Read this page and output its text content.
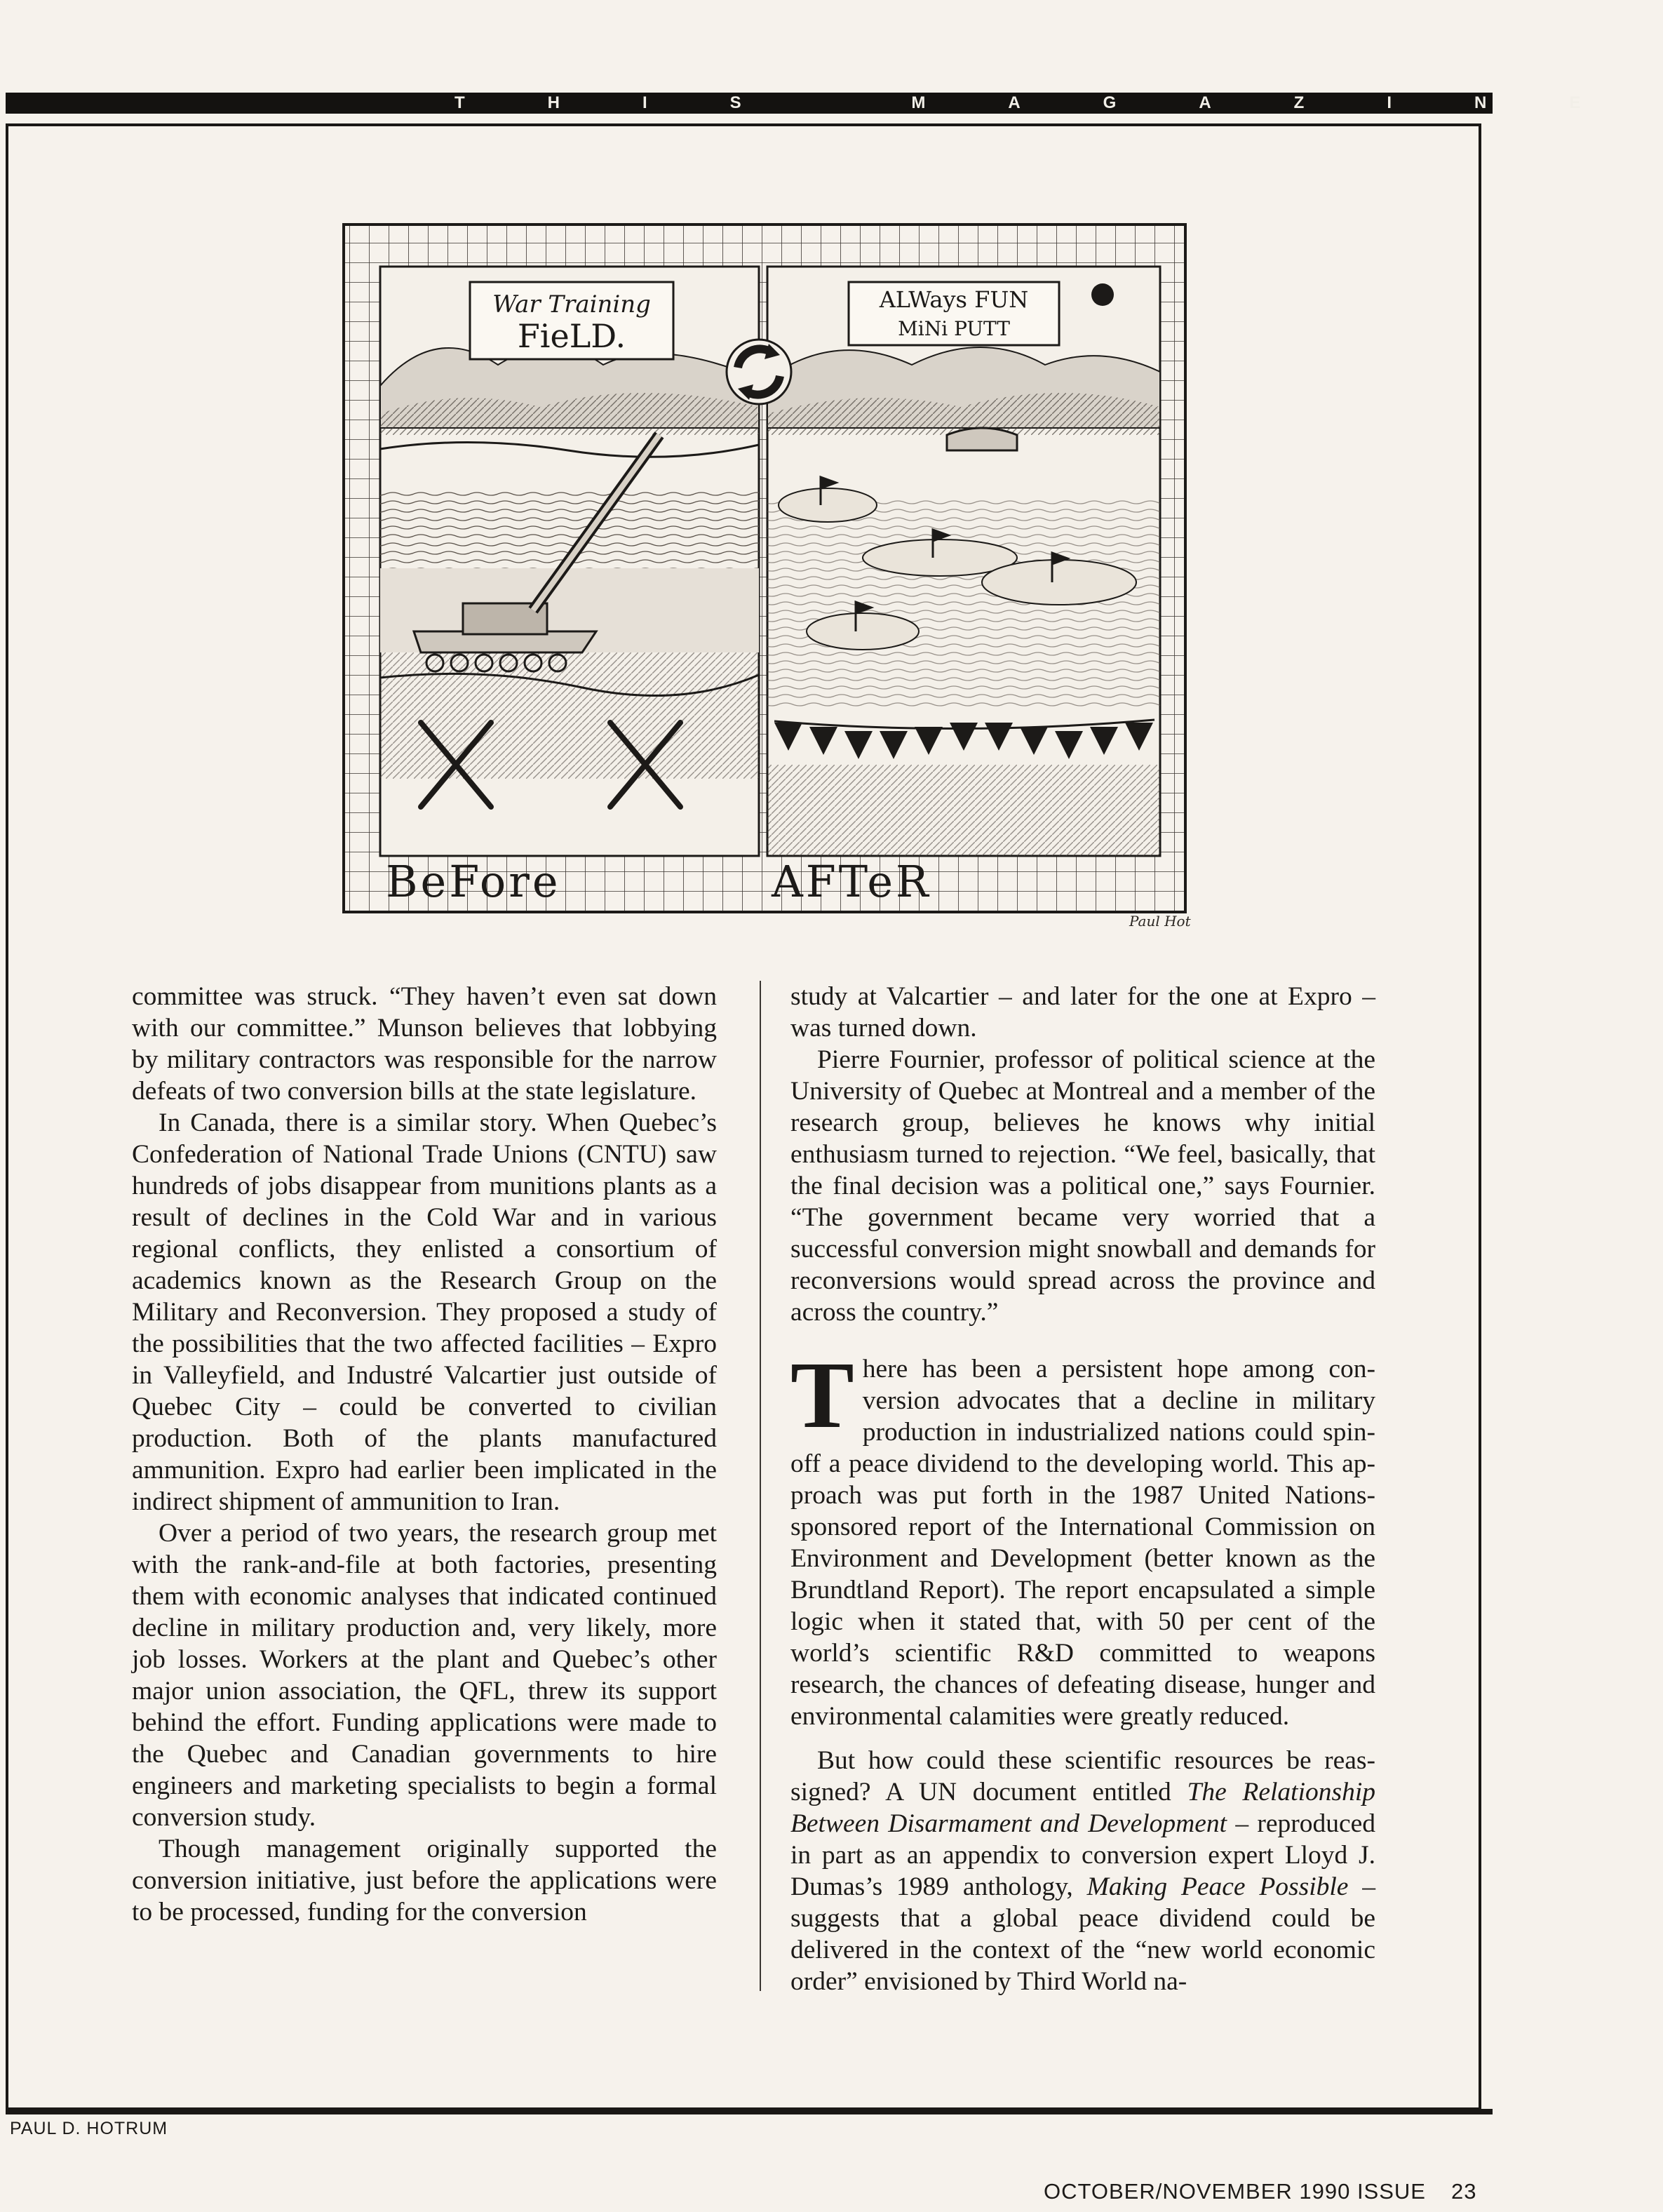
THIS MAGAZINE
War Training
FieLD.
BeFore
ALWays FUN
MiNi PUTT
AFTeR
Paul Hot

committee was struck. “They haven’t even sat down with our committee.” Munson believes that lobbying by military contractors was responsible for the narrow defeats of two conversion bills at the state legislature.

In Canada, there is a similar story. When Quebec’s Confederation of National Trade Unions (CNTU) saw hundreds of jobs disappear from munitions plants as a result of declines in the Cold War and in various regional conflicts, they enlisted a consortium of academics known as the Research Group on the Military and Reconversion. They proposed a study of the possibilities that the two affected facilities – Expro in Valleyfield, and Industré Valcartier just outside of Quebec City – could be converted to civilian production. Both of the plants manufactured ammunition. Expro had earlier been implicated in the indirect shipment of ammunition to Iran.

Over a period of two years, the research group met with the rank-and-file at both factories, presenting them with economic analyses that indicated continued decline in military production and, very likely, more job losses. Workers at the plant and Quebec’s other major union association, the QFL, threw its support behind the effort. Funding applications were made to the Quebec and Canadian governments to hire engineers and marketing specialists to begin a formal conversion study.

Though management originally supported the conversion initiative, just before the applications were to be processed, funding for the conversion

study at Valcartier – and later for the one at Expro – was turned down.

Pierre Fournier, professor of political science at the University of Quebec at Montreal and a member of the research group, believes he knows why initial enthusiasm turned to rejection. “We feel, basically, that the final decision was a political one,” says Fournier. “The government became very worried that a successful conversion might snowball and demands for reconversions would spread across the province and across the country.”

There has been a persistent hope among conversion advocates that a decline in military production in industrialized nations could spin-off a peace dividend to the developing world. This approach was put forth in the 1987 United Nations-sponsored report of the International Commission on Environment and Development (better known as the Brundtland Report). The report encapsulated a simple logic when it stated that, with 50 per cent of the world’s scientific R&D committed to weapons research, the chances of defeating disease, hunger and environmental calamities were greatly reduced.

But how could these scientific resources be reassigned? A UN document entitled The Relationship Between Disarmament and Development – reproduced in part as an appendix to conversion expert Lloyd J. Dumas’s 1989 anthology, Making Peace Possible – suggests that a global peace dividend could be delivered in the context of the “new world economic order” envisioned by Third World na-

PAUL D. HOTRUM
OCTOBER/NOVEMBER 1990 ISSUE 23
